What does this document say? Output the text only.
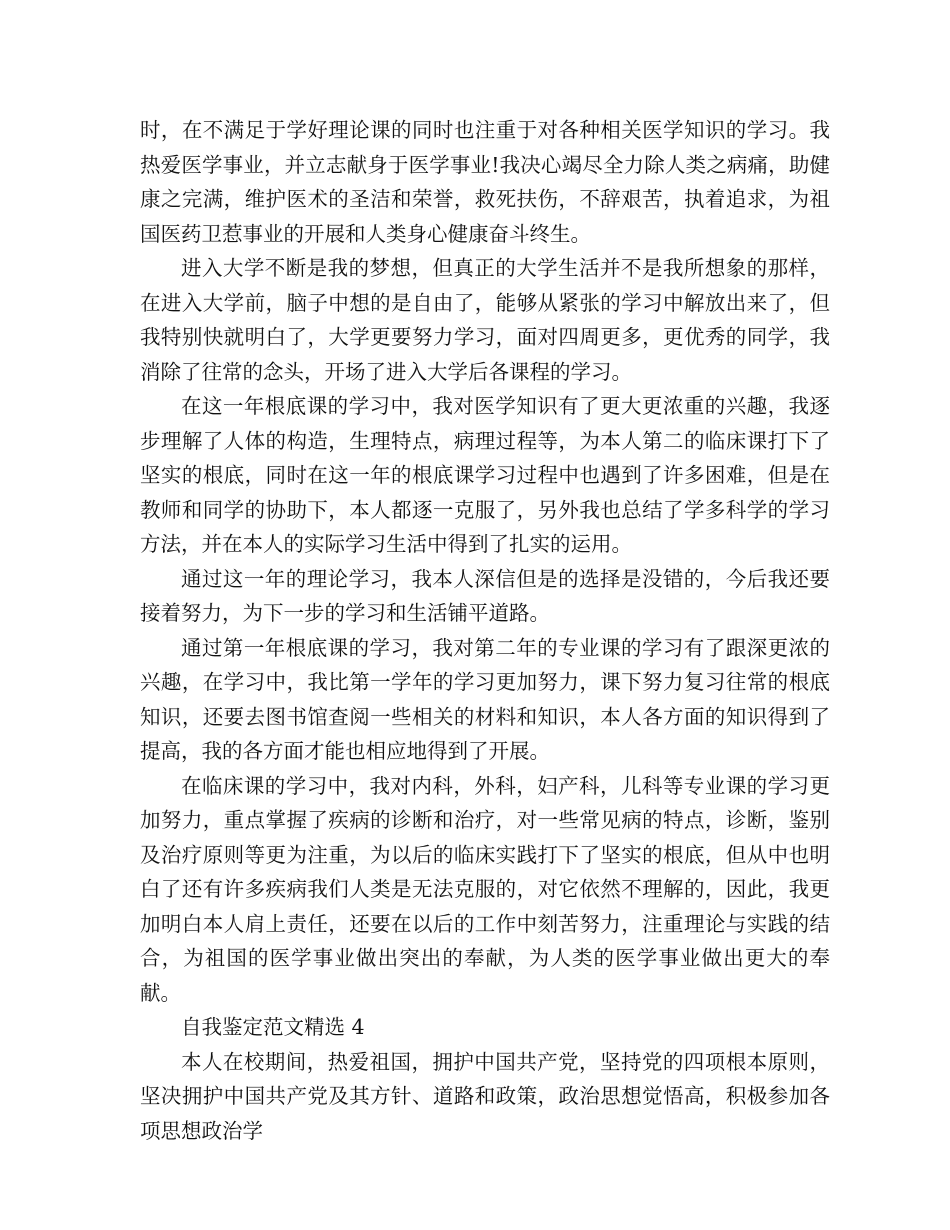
时，在不满足于学好理论课的同时也注重于对各种相关医学知识的学习。我热爱医学事业，并立志献身于医学事业!我决心竭尽全力除人类之病痛，助健康之完满，维护医术的圣洁和荣誉，救死扶伤，不辞艰苦，执着追求，为祖国医药卫惹事业的开展和人类身心健康奋斗终生。

进入大学不断是我的梦想，但真正的大学生活并不是我所想象的那样，在进入大学前，脑子中想的是自由了，能够从紧张的学习中解放出来了，但我特别快就明白了，大学更要努力学习，面对四周更多，更优秀的同学，我消除了往常的念头，开场了进入大学后各课程的学习。

在这一年根底课的学习中，我对医学知识有了更大更浓重的兴趣，我逐步理解了人体的构造，生理特点，病理过程等，为本人第二的临床课打下了坚实的根底，同时在这一年的根底课学习过程中也遇到了许多困难，但是在教师和同学的协助下，本人都逐一克服了，另外我也总结了学多科学的学习方法，并在本人的实际学习生活中得到了扎实的运用。

通过这一年的理论学习，我本人深信但是的选择是没错的，今后我还要接着努力，为下一步的学习和生活铺平道路。

通过第一年根底课的学习，我对第二年的专业课的学习有了跟深更浓的兴趣，在学习中，我比第一学年的学习更加努力，课下努力复习往常的根底知识，还要去图书馆查阅一些相关的材料和知识，本人各方面的知识得到了提高，我的各方面才能也相应地得到了开展。

在临床课的学习中，我对内科，外科，妇产科，儿科等专业课的学习更加努力，重点掌握了疾病的诊断和治疗，对一些常见病的特点，诊断，鉴别及治疗原则等更为注重，为以后的临床实践打下了坚实的根底，但从中也明白了还有许多疾病我们人类是无法克服的，对它依然不理解的，因此，我更加明白本人肩上责任，还要在以后的工作中刻苦努力，注重理论与实践的结合，为祖国的医学事业做出突出的奉献，为人类的医学事业做出更大的奉献。

自我鉴定范文精选 4

本人在校期间，热爱祖国，拥护中国共产党，坚持党的四项根本原则，坚决拥护中国共产党及其方针、道路和政策，政治思想觉悟高，积极参加各项思想政治学
